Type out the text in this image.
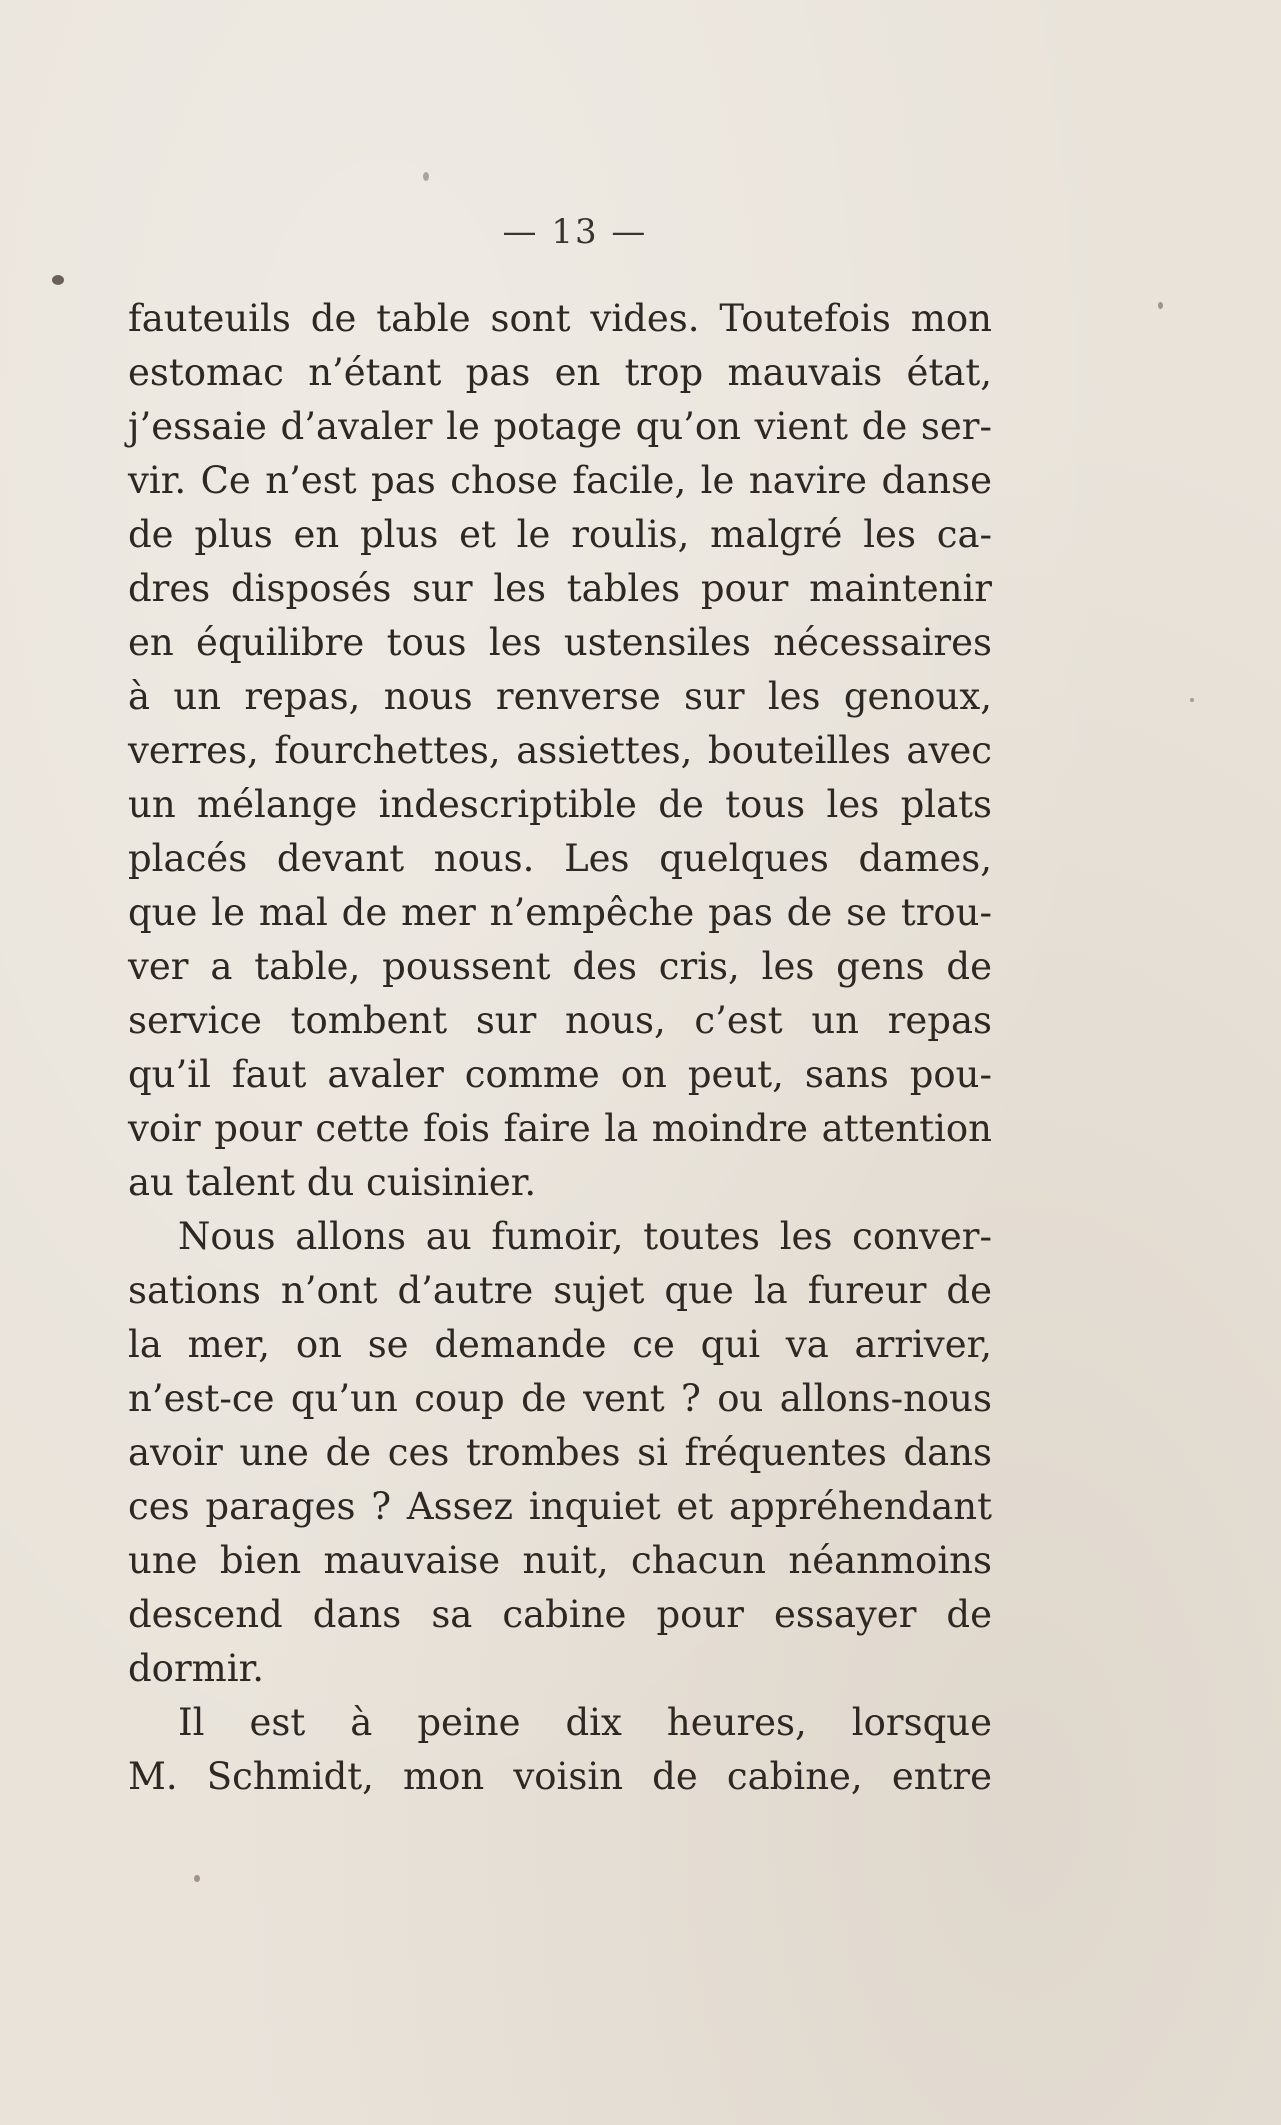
— 13 —
fauteuils de table sont vides. Toutefois mon
estomac n’étant pas en trop mauvais état,
j’essaie d’avaler le potage qu’on vient de ser-
vir. Ce n’est pas chose facile, le navire danse
de plus en plus et le roulis, malgré les ca-
dres disposés sur les tables pour maintenir
en équilibre tous les ustensiles nécessaires
à un repas, nous renverse sur les genoux,
verres, fourchettes, assiettes, bouteilles avec
un mélange indescriptible de tous les plats
placés devant nous. Les quelques dames,
que le mal de mer n’empêche pas de se trou-
ver a table, poussent des cris, les gens de
service tombent sur nous, c’est un repas
qu’il faut avaler comme on peut, sans pou-
voir pour cette fois faire la moindre attention
au talent du cuisinier.
Nous allons au fumoir, toutes les conver-
sations n’ont d’autre sujet que la fureur de
la mer, on se demande ce qui va arriver,
n’est-ce qu’un coup de vent ? ou allons-nous
avoir une de ces trombes si fréquentes dans
ces parages ? Assez inquiet et appréhendant
une bien mauvaise nuit, chacun néanmoins
descend dans sa cabine pour essayer de
dormir.
Il est à peine dix heures, lorsque
M. Schmidt, mon voisin de cabine, entre
